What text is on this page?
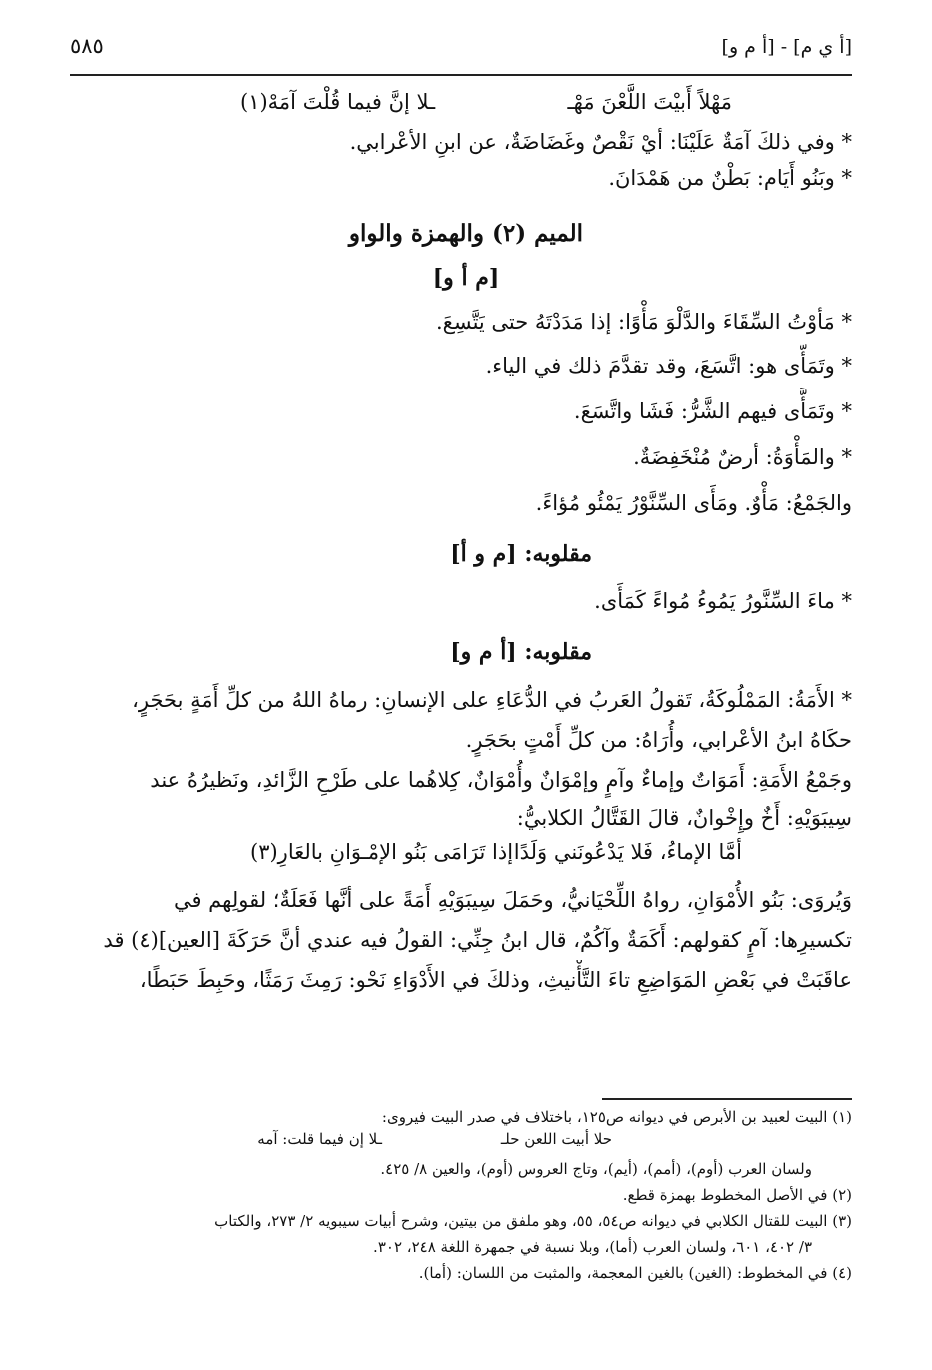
[أ ي م] - [أ م و]
٥٨٥
مَهْلاً أَبيْتَ اللَّعْنَ مَهْـ
ـلا إنَّ فيما قُلْتَ آمَهْ(١)

* وفي ذلكَ آمَةٌ عَلَيْنَا: أيْ نَقْصٌ وغَضَاضَةٌ، عن ابنِ الأعْرابي.

* وبَنُو أَيَام: بَطْنٌ من هَمْدَانَ.

الميم (٢) والهمزة والواو
[م أ و]

* مَأوْتُ السِّقَاءَ والدَّلْوَ مَأْوًا: إذا مَدَدْتَهُ حتى يَتَّسِعَ.

* وتَمَأَّى هو: اتَّسَعَ، وقد تقدَّمَ ذلك في الياء.

* وتَمَأَّى فيهم الشَّرُّ: فَشَا واتَّسَعَ.

* والمَأْوَةُ: أرضٌ مُنْخَفِضَةٌ.

والجَمْعُ: مَأْوٌ. ومَأَى السِّنَّوْرُ يَمْئُو مُؤاءً.

مقلوبه: [م و أ]

* ماءَ السِّنَّورُ يَمُوءُ مُواءً كَمَأَى.

مقلوبه: [أ م و]

* الأَمَةُ: المَمْلُوكَةُ، تَقولُ العَربُ في الدُّعَاءِ على الإنسانِ: رماهُ اللهُ من كلِّ أَمَةٍ بحَجَرٍ،

حكَاهُ ابنُ الأعْرابي، وأُرَاهُ: من كلِّ أَمْتٍ بحَجَرٍ.

وجَمْعُ الأَمَةِ: أَمَوَاتٌ وإماءٌ وآمٍ وإمْوَانٌ وأُمْوَانٌ، كِلاهُما على طَرْحِ الزَّائدِ، ونَظيرُهُ عند

سِيبَوَيْهِ: أَخٌ وإِخْوانٌ، قالَ القَتَّالُ الكلابيُّ:

أمَّا الإماءُ، فَلا يَدْعُونَني وَلَدًا
إذا تَرَامَى بَنُو الإمْـوَانِ بالعَارِ(٣)

وَيُروَى: بَنُو الأُمْوَانِ، رواهُ اللِّحْيَانيُّ، وحَمَلَ سِيبَوَيْهِ أَمَةً على أنَّها فَعَلَةٌ؛ لقولِهم في

تكسيرِها: آمٍ كقولهم: أَكَمَةٌ وآكُمٌ، قال ابنُ جِنِّي: القولُ فيه عندي أنَّ حَرَكَةَ [العين](٤) قد

عاقَبَتْ في بَعْضِ المَوَاضِعِ تاءَ التَّأْنيثِ، وذلكَ في الأَدْوَاءِ نَحْو: رَمِثَ رَمَثًا، وحَبِطَ حَبَطًا،

(١) البيت لعبيد بن الأبرص في ديوانه ص١٢٥، باختلاف في صدر البيت فيروى:
حلا أبيت اللعن حلـ
ـلا إن فيما قلت: آمه
ولسان العرب (أوم)، (أمم)، (أيم)، وتاج العروس (أوم)، والعين ٨/ ٤٢٥.
(٢) في الأصل المخطوط بهمزة قطع.
(٣) البيت للقتال الكلابي في ديوانه ص٥٤، ٥٥، وهو ملفق من بيتين، وشرح أبيات سيبويه ٢/ ٢٧٣، والكتاب
٣/ ٤٠٢، ٦٠١، ولسان العرب (أما)، وبلا نسبة في جمهرة اللغة ٢٤٨، ٣٠٢.
(٤) في المخطوط: (الغين) بالغين المعجمة، والمثبت من اللسان: (أما).
